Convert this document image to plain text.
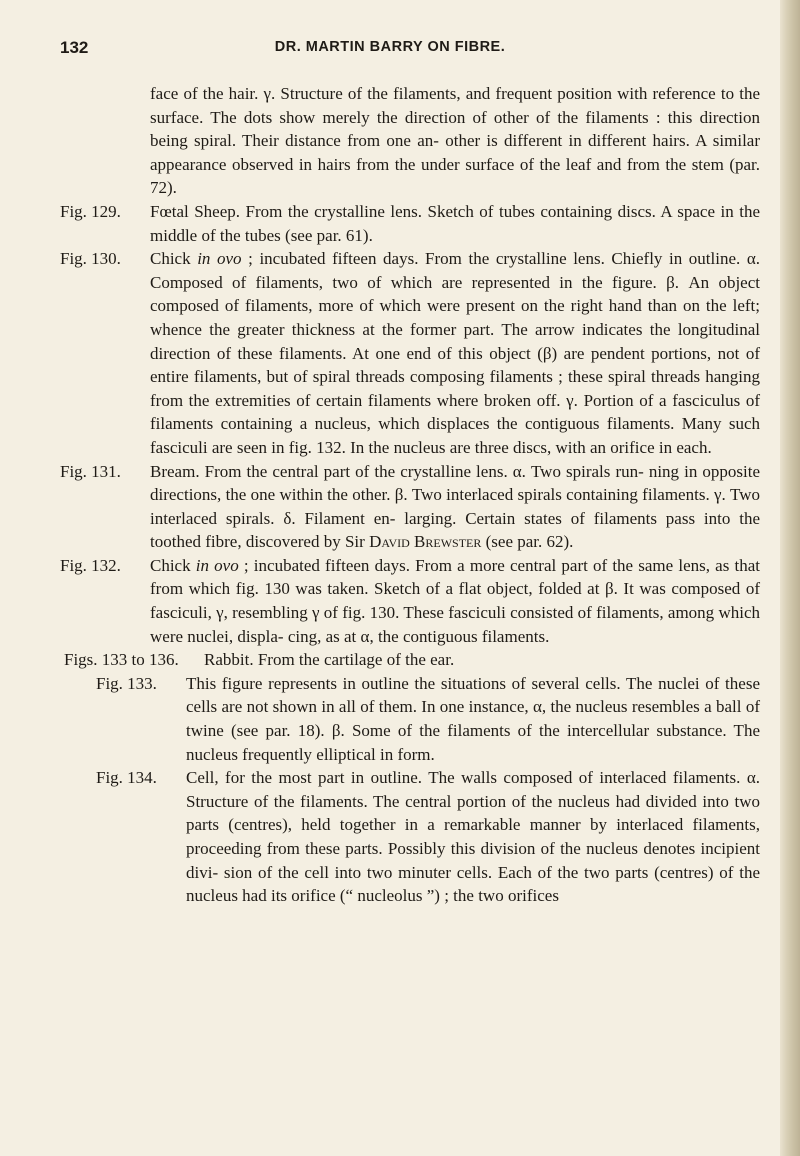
132	DR. MARTIN BARRY ON FIBRE.
face of the hair. γ. Structure of the filaments, and frequent position with reference to the surface. The dots show merely the direction of other of the filaments : this direction being spiral. Their distance from one an- other is different in different hairs. A similar appearance observed in hairs from the under surface of the leaf and from the stem (par. 72).
Fig. 129.	Fœtal Sheep. From the crystalline lens. Sketch of tubes containing discs. A space in the middle of the tubes (see par. 61).
Fig. 130.	Chick in ovo ; incubated fifteen days. From the crystalline lens. Chiefly in outline. α. Composed of filaments, two of which are represented in the figure. β. An object composed of filaments, more of which were present on the right hand than on the left; whence the greater thickness at the former part. The arrow indicates the longitudinal direction of these filaments. At one end of this object (β) are pendent portions, not of entire filaments, but of spiral threads composing filaments ; these spiral threads hanging from the extremities of certain filaments where broken off. γ. Portion of a fasciculus of filaments containing a nucleus, which displaces the contiguous filaments. Many such fasciculi are seen in fig. 132. In the nucleus are three discs, with an orifice in each.
Fig. 131.	Bream. From the central part of the crystalline lens. α. Two spirals run- ning in opposite directions, the one within the other. β. Two interlaced spirals containing filaments. γ. Two interlaced spirals. δ. Filament en- larging. Certain states of filaments pass into the toothed fibre, discovered by Sir David Brewster (see par. 62).
Fig. 132.	Chick in ovo ; incubated fifteen days. From a more central part of the same lens, as that from which fig. 130 was taken. Sketch of a flat object, folded at β. It was composed of fasciculi, γ, resembling γ of fig. 130. These fasciculi consisted of filaments, among which were nuclei, displa- cing, as at α, the contiguous filaments.
Figs. 133 to 136.	Rabbit. From the cartilage of the ear.
Fig. 133.	This figure represents in outline the situations of several cells. The nuclei of these cells are not shown in all of them. In one instance, α, the nucleus resembles a ball of twine (see par. 18). β. Some of the filaments of the intercellular substance. The nucleus frequently elliptical in form.
Fig. 134.	Cell, for the most part in outline. The walls composed of interlaced filaments. α. Structure of the filaments. The central portion of the nucleus had divided into two parts (centres), held together in a remarkable manner by interlaced filaments, proceeding from these parts. Possibly this division of the nucleus denotes incipient divi- sion of the cell into two minuter cells. Each of the two parts (centres) of the nucleus had its orifice (“ nucleolus ”) ; the two orifices
